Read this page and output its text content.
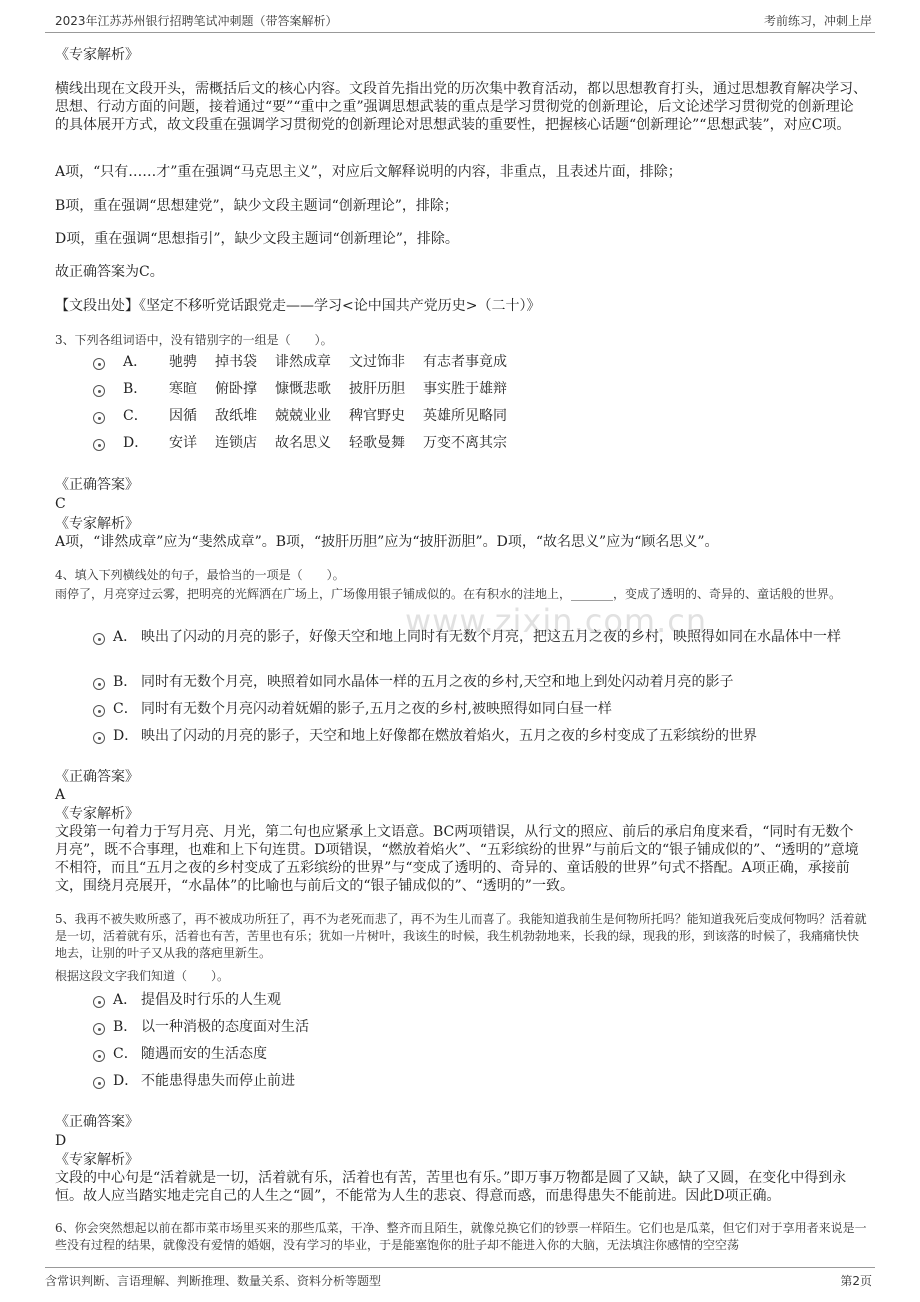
2023年江苏苏州银行招聘笔试冲刺题（带答案解析）	考前练习，冲刺上岸
www.zixin.com.cn

《专家解析》

横线出现在文段开头，需概括后文的核心内容。文段首先指出党的历次集中教育活动，都以思想教育打头，通过思想教育解决学习、思想、行动方面的问题，接着通过“要”“重中之重”强调思想武装的重点是学习贯彻党的创新理论，后文论述学习贯彻党的创新理论的具体展开方式，故文段重在强调学习贯彻党的创新理论对思想武装的重要性，把握核心话题“创新理论”“思想武装”，对应C项。

A项，“只有……才”重在强调“马克思主义”，对应后文解释说明的内容，非重点，且表述片面，排除；

B项，重在强调“思想建党”，缺少文段主题词“创新理论”，排除；

D项，重在强调“思想指引”，缺少文段主题词“创新理论”，排除。

故正确答案为C。

【文段出处】《坚定不移听党话跟党走——学习<论中国共产党历史>（二十）》

3、下列各组词语中，没有错别字的一组是（　　）。

A． 驰骋 掉书袋 诽然成章 文过饰非 有志者事竟成
B． 寒暄 俯卧撑 慷慨悲歌 披肝历胆 事实胜于雄辩
C． 因循 敌纸堆 兢兢业业 稗官野史 英雄所见略同
D． 安详 连锁店 故名思义 轻歌曼舞 万变不离其宗

《正确答案》

C

《专家解析》

A项，“诽然成章”应为“斐然成章”。B项，“披肝历胆”应为“披肝沥胆”。D项，“故名思义”应为“顾名思义”。

4、填入下列横线处的句子，最恰当的一项是（　　）。

雨停了，月亮穿过云雾，把明亮的光辉洒在广场上，广场像用银子铺成似的。在有积水的洼地上，_______，变成了透明的、奇异的、童话般的世界。

A． 映出了闪动的月亮的影子，好像天空和地上同时有无数个月亮，把这五月之夜的乡村，映照得如同在水晶体中一样
B． 同时有无数个月亮，映照着如同水晶体一样的五月之夜的乡村,天空和地上到处闪动着月亮的影子
C． 同时有无数个月亮闪动着妩媚的影子,五月之夜的乡村,被映照得如同白昼一样
D． 映出了闪动的月亮的影子，天空和地上好像都在燃放着焰火，五月之夜的乡村变成了五彩缤纷的世界

《正确答案》

A

《专家解析》

文段第一句着力于写月亮、月光，第二句也应紧承上文语意。BC两项错误，从行文的照应、前后的承启角度来看，“同时有无数个月亮”，既不合事理，也难和上下句连贯。D项错误，“燃放着焰火”、“五彩缤纷的世界”与前后文的“银子铺成似的”、“透明的”意境不相符，而且“五月之夜的乡村变成了五彩缤纷的世界”与“变成了透明的、奇异的、童话般的世界”句式不搭配。A项正确，承接前文，围绕月亮展开，“水晶体”的比喻也与前后文的“银子铺成似的”、“透明的”一致。

5、我再不被失败所惑了，再不被成功所狂了，再不为老死而悲了，再不为生儿而喜了。我能知道我前生是何物所托吗？能知道我死后变成何物吗？活着就是一切，活着就有乐，活着也有苦，苦里也有乐；犹如一片树叶，我该生的时候，我生机勃勃地来，长我的绿，现我的形，到该落的时候了，我痛痛快快地去，让别的叶子又从我的落疤里新生。

根据这段文字我们知道（　　）。

A． 提倡及时行乐的人生观
B． 以一种消极的态度面对生活
C． 随遇而安的生活态度
D． 不能患得患失而停止前进

《正确答案》

D

《专家解析》

文段的中心句是“活着就是一切，活着就有乐，活着也有苦，苦里也有乐。”即万事万物都是圆了又缺，缺了又圆，在变化中得到永恒。故人应当踏实地走完自己的人生之“圆”，不能常为人生的悲哀、得意而惑，而患得患失不能前进。因此D项正确。

6、你会突然想起以前在都市菜市场里买来的那些瓜菜，干净、整齐而且陌生，就像兑换它们的钞票一样陌生。它们也是瓜菜，但它们对于享用者来说是一些没有过程的结果，就像没有爱情的婚姻，没有学习的毕业，于是能塞饱你的肚子却不能进入你的大脑，无法填注你感情的空空荡

含常识判断、言语理解、判断推理、数量关系、资料分析等题型	第2页
